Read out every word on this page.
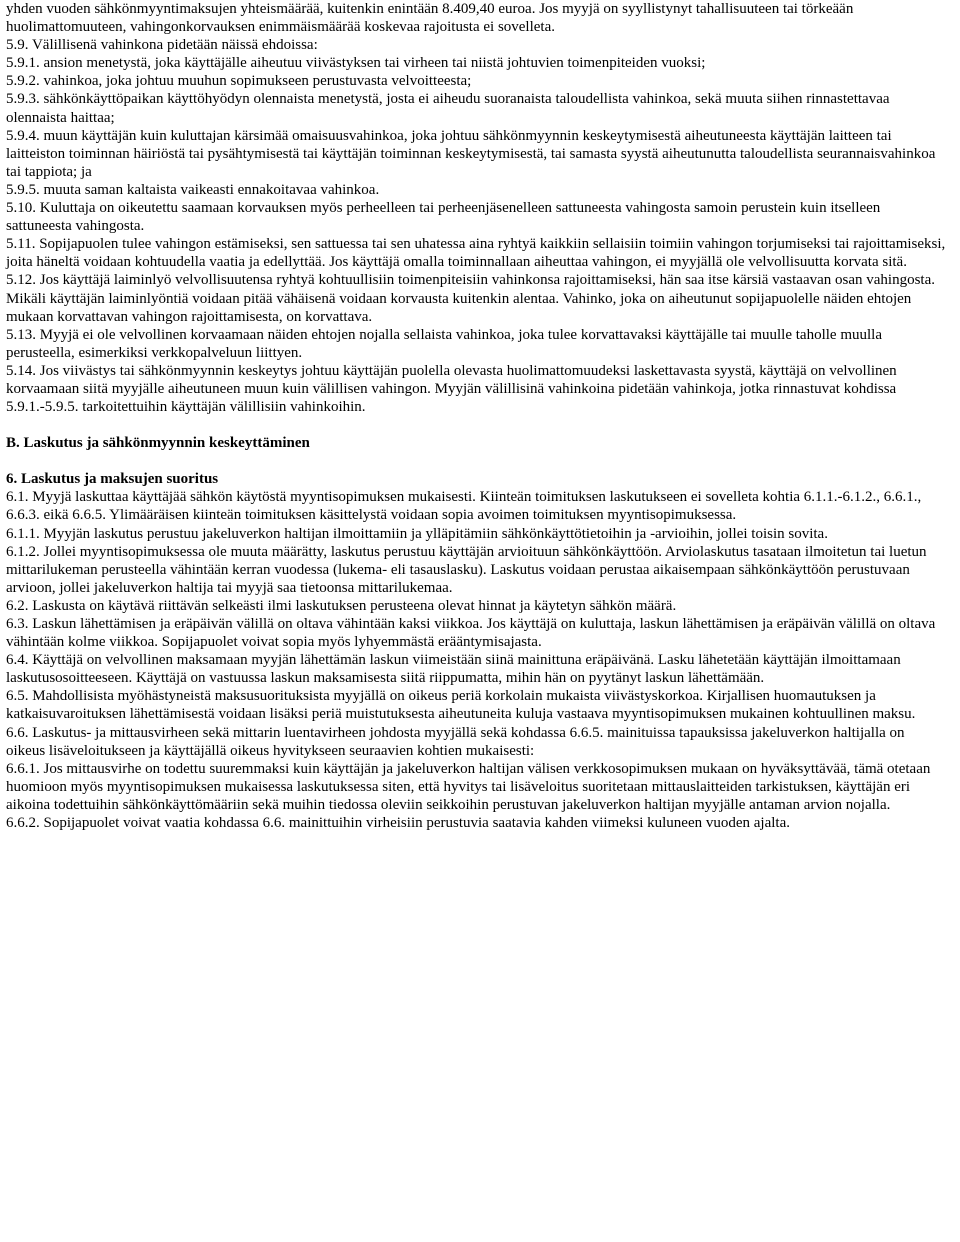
yhden vuoden sähkönmyyntimaksujen yhteismäärää, kuitenkin enintään 8.409,40 euroa. Jos myyjä on syyllistynyt tahallisuuteen tai törkeään huolimattomuuteen, vahingonkorvauksen enimmäismäärää koskevaa rajoitusta ei sovelleta.

5.9. Välillisenä vahinkona pidetään näissä ehdoissa:

5.9.1. ansion menetystä, joka käyttäjälle aiheutuu viivästyksen tai virheen tai niistä johtuvien toimenpiteiden vuoksi;

5.9.2. vahinkoa, joka johtuu muuhun sopimukseen perustuvasta velvoitteesta;

5.9.3. sähkönkäyttöpaikan käyttöhyödyn olennaista menetystä, josta ei aiheudu suoranaista taloudellista vahinkoa, sekä muuta siihen rinnastettavaa olennaista haittaa;

5.9.4. muun käyttäjän kuin kuluttajan kärsimää omaisuusvahinkoa, joka johtuu sähkönmyynnin keskeytymisestä aiheutuneesta käyttäjän laitteen tai laitteiston toiminnan häiriöstä tai pysähtymisestä tai käyttäjän toiminnan keskeytymisestä, tai samasta syystä aiheutunutta taloudellista seurannaisvahinkoa tai tappiota; ja

5.9.5. muuta saman kaltaista vaikeasti ennakoitavaa vahinkoa.

5.10. Kuluttaja on oikeutettu saamaan korvauksen myös perheelleen tai perheenjäsenelleen sattuneesta vahingosta samoin perustein kuin itselleen sattuneesta vahingosta.

5.11. Sopijapuolen tulee vahingon estämiseksi, sen sattuessa tai sen uhatessa aina ryhtyä kaikkiin sellaisiin toimiin vahingon torjumiseksi tai rajoittamiseksi, joita häneltä voidaan kohtuudella vaatia ja edellyttää. Jos käyttäjä omalla toiminnallaan aiheuttaa vahingon, ei myyjällä ole velvollisuutta korvata sitä.

5.12. Jos käyttäjä laiminlyö velvollisuutensa ryhtyä kohtuullisiin toimenpiteisiin vahinkonsa rajoittamiseksi, hän saa itse kärsiä vastaavan osan vahingosta. Mikäli käyttäjän laiminlyöntiä voidaan pitää vähäisenä voidaan korvausta kuitenkin alentaa. Vahinko, joka on aiheutunut sopijapuolelle näiden ehtojen mukaan korvattavan vahingon rajoittamisesta, on korvattava.

5.13. Myyjä ei ole velvollinen korvaamaan näiden ehtojen nojalla sellaista vahinkoa, joka tulee korvattavaksi käyttäjälle tai muulle taholle muulla perusteella, esimerkiksi verkkopalveluun liittyen.

5.14. Jos viivästys tai sähkönmyynnin keskeytys johtuu käyttäjän puolella olevasta huolimattomuudeksi laskettavasta syystä, käyttäjä on velvollinen korvaamaan siitä myyjälle aiheutuneen muun kuin välillisen vahingon. Myyjän välillisinä vahinkoina pidetään vahinkoja, jotka rinnastuvat kohdissa 5.9.1.-5.9.5. tarkoitettuihin käyttäjän välillisiin vahinkoihin.

B. Laskutus ja sähkönmyynnin keskeyttäminen

6. Laskutus ja maksujen suoritus

6.1. Myyjä laskuttaa käyttäjää sähkön käytöstä myyntisopimuksen mukaisesti. Kiinteän toimituksen laskutukseen ei sovelleta kohtia 6.1.1.-6.1.2., 6.6.1., 6.6.3. eikä 6.6.5. Ylimääräisen kiinteän toimituksen käsittelystä voidaan sopia avoimen toimituksen myyntisopimuksessa.

6.1.1. Myyjän laskutus perustuu jakeluverkon haltijan ilmoittamiin ja ylläpitämiin sähkönkäyttötietoihin ja -arvioihin, jollei toisin sovita.

6.1.2. Jollei myyntisopimuksessa ole muuta määrätty, laskutus perustuu käyttäjän arvioituun sähkönkäyttöön. Arviolaskutus tasataan ilmoitetun tai luetun mittarilukeman perusteella vähintään kerran vuodessa (lukema- eli tasauslasku). Laskutus voidaan perustaa aikaisempaan sähkönkäyttöön perustuvaan arvioon, jollei jakeluverkon haltija tai myyjä saa tietoonsa mittarilukemaa.

6.2. Laskusta on käytävä riittävän selkeästi ilmi laskutuksen perusteena olevat hinnat ja käytetyn sähkön määrä.

6.3. Laskun lähettämisen ja eräpäivän välillä on oltava vähintään kaksi viikkoa. Jos käyttäjä on kuluttaja, laskun lähettämisen ja eräpäivän välillä on oltava vähintään kolme viikkoa. Sopijapuolet voivat sopia myös lyhyemmästä erääntymisajasta.

6.4. Käyttäjä on velvollinen maksamaan myyjän lähettämän laskun viimeistään siinä mainittuna eräpäivänä. Lasku lähetetään käyttäjän ilmoittamaan laskutusosoitteeseen. Käyttäjä on vastuussa laskun maksamisesta siitä riippumatta, mihin hän on pyytänyt laskun lähettämään.

6.5. Mahdollisista myöhästyneistä maksusuorituksista myyjällä on oikeus periä korkolain mukaista viivästyskorkoa. Kirjallisen huomautuksen ja katkaisuvaroituksen lähettämisestä voidaan lisäksi periä muistutuksesta aiheutuneita kuluja vastaava myyntisopimuksen mukainen kohtuullinen maksu.

6.6. Laskutus- ja mittausvirheen sekä mittarin luentavirheen johdosta myyjällä sekä kohdassa 6.6.5. mainituissa tapauksissa jakeluverkon haltijalla on oikeus lisäveloitukseen ja käyttäjällä oikeus hyvitykseen seuraavien kohtien mukaisesti:

6.6.1. Jos mittausvirhe on todettu suuremmaksi kuin käyttäjän ja jakeluverkon haltijan välisen verkkosopimuksen mukaan on hyväksyttävää, tämä otetaan huomioon myös myyntisopimuksen mukaisessa laskutuksessa siten, että hyvitys tai lisäveloitus suoritetaan mittauslaitteiden tarkistuksen, käyttäjän eri aikoina todettuihin sähkönkäyttömääriin sekä muihin tiedossa oleviin seikkoihin perustuvan jakeluverkon haltijan myyjälle antaman arvion nojalla.

6.6.2. Sopijapuolet voivat vaatia kohdassa 6.6. mainittuihin virheisiin perustuvia saatavia kahden viimeksi kuluneen vuoden ajalta.
